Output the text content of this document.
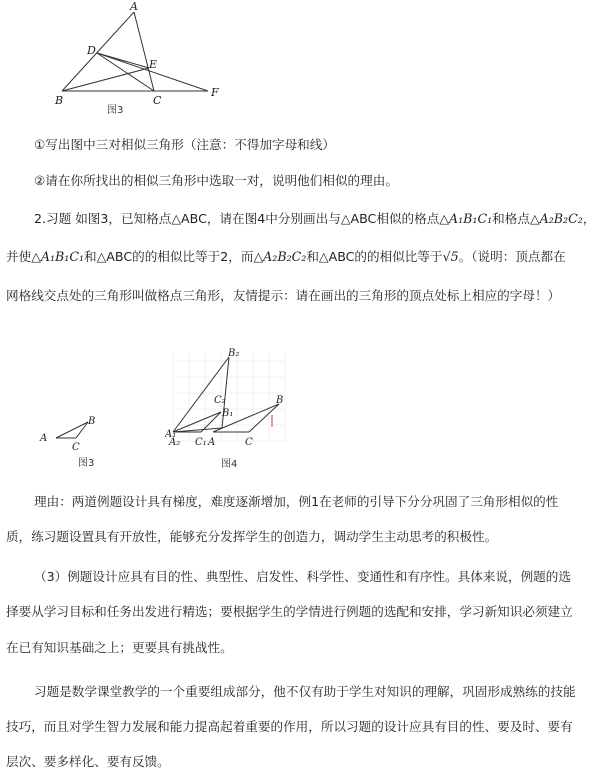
A
D
E
B	C
F
图3
①写出图中三对相似三角形（注意：不得加字母和线）
②请在你所找出的相似三角形中选取一对，说明他们相似的理由。
2.习题 如图3，已知格点△ABC，请在图4中分别画出与△ABC相似的格点△A₁B₁C₁和格点△A₂B₂C₂，
并使△A₁B₁C₁和△ABC的的相似比等于2，而△A₂B₂C₂和△ABC的的相似比等于√5。（说明：顶点都在
网格线交点处的三角形叫做格点三角形，友情提示：请在画出的三角形的顶点处标上相应的字母！）
A
B
C
图3
B₂
C₂
B₁
C₁
A₁
A₂	A	C
B
图4
理由：两道例题设计具有梯度，难度逐渐增加，例1在老师的引导下分分巩固了三角形相似的性
质，练习题设置具有开放性，能够充分发挥学生的创造力，调动学生主动思考的积极性。
（3）例题设计应具有目的性、典型性、启发性、科学性、变通性和有序性。具体来说，例题的选
择要从学习目标和任务出发进行精选；要根据学生的学情进行例题的选配和安排，学习新知识必须建立
在已有知识基础之上；更要具有挑战性。
习题是数学课堂教学的一个重要组成部分，他不仅有助于学生对知识的理解，巩固形成熟练的技能
技巧，而且对学生智力发展和能力提高起着重要的作用，所以习题的设计应具有目的性、要及时、要有
层次、要多样化、要有反馈。
